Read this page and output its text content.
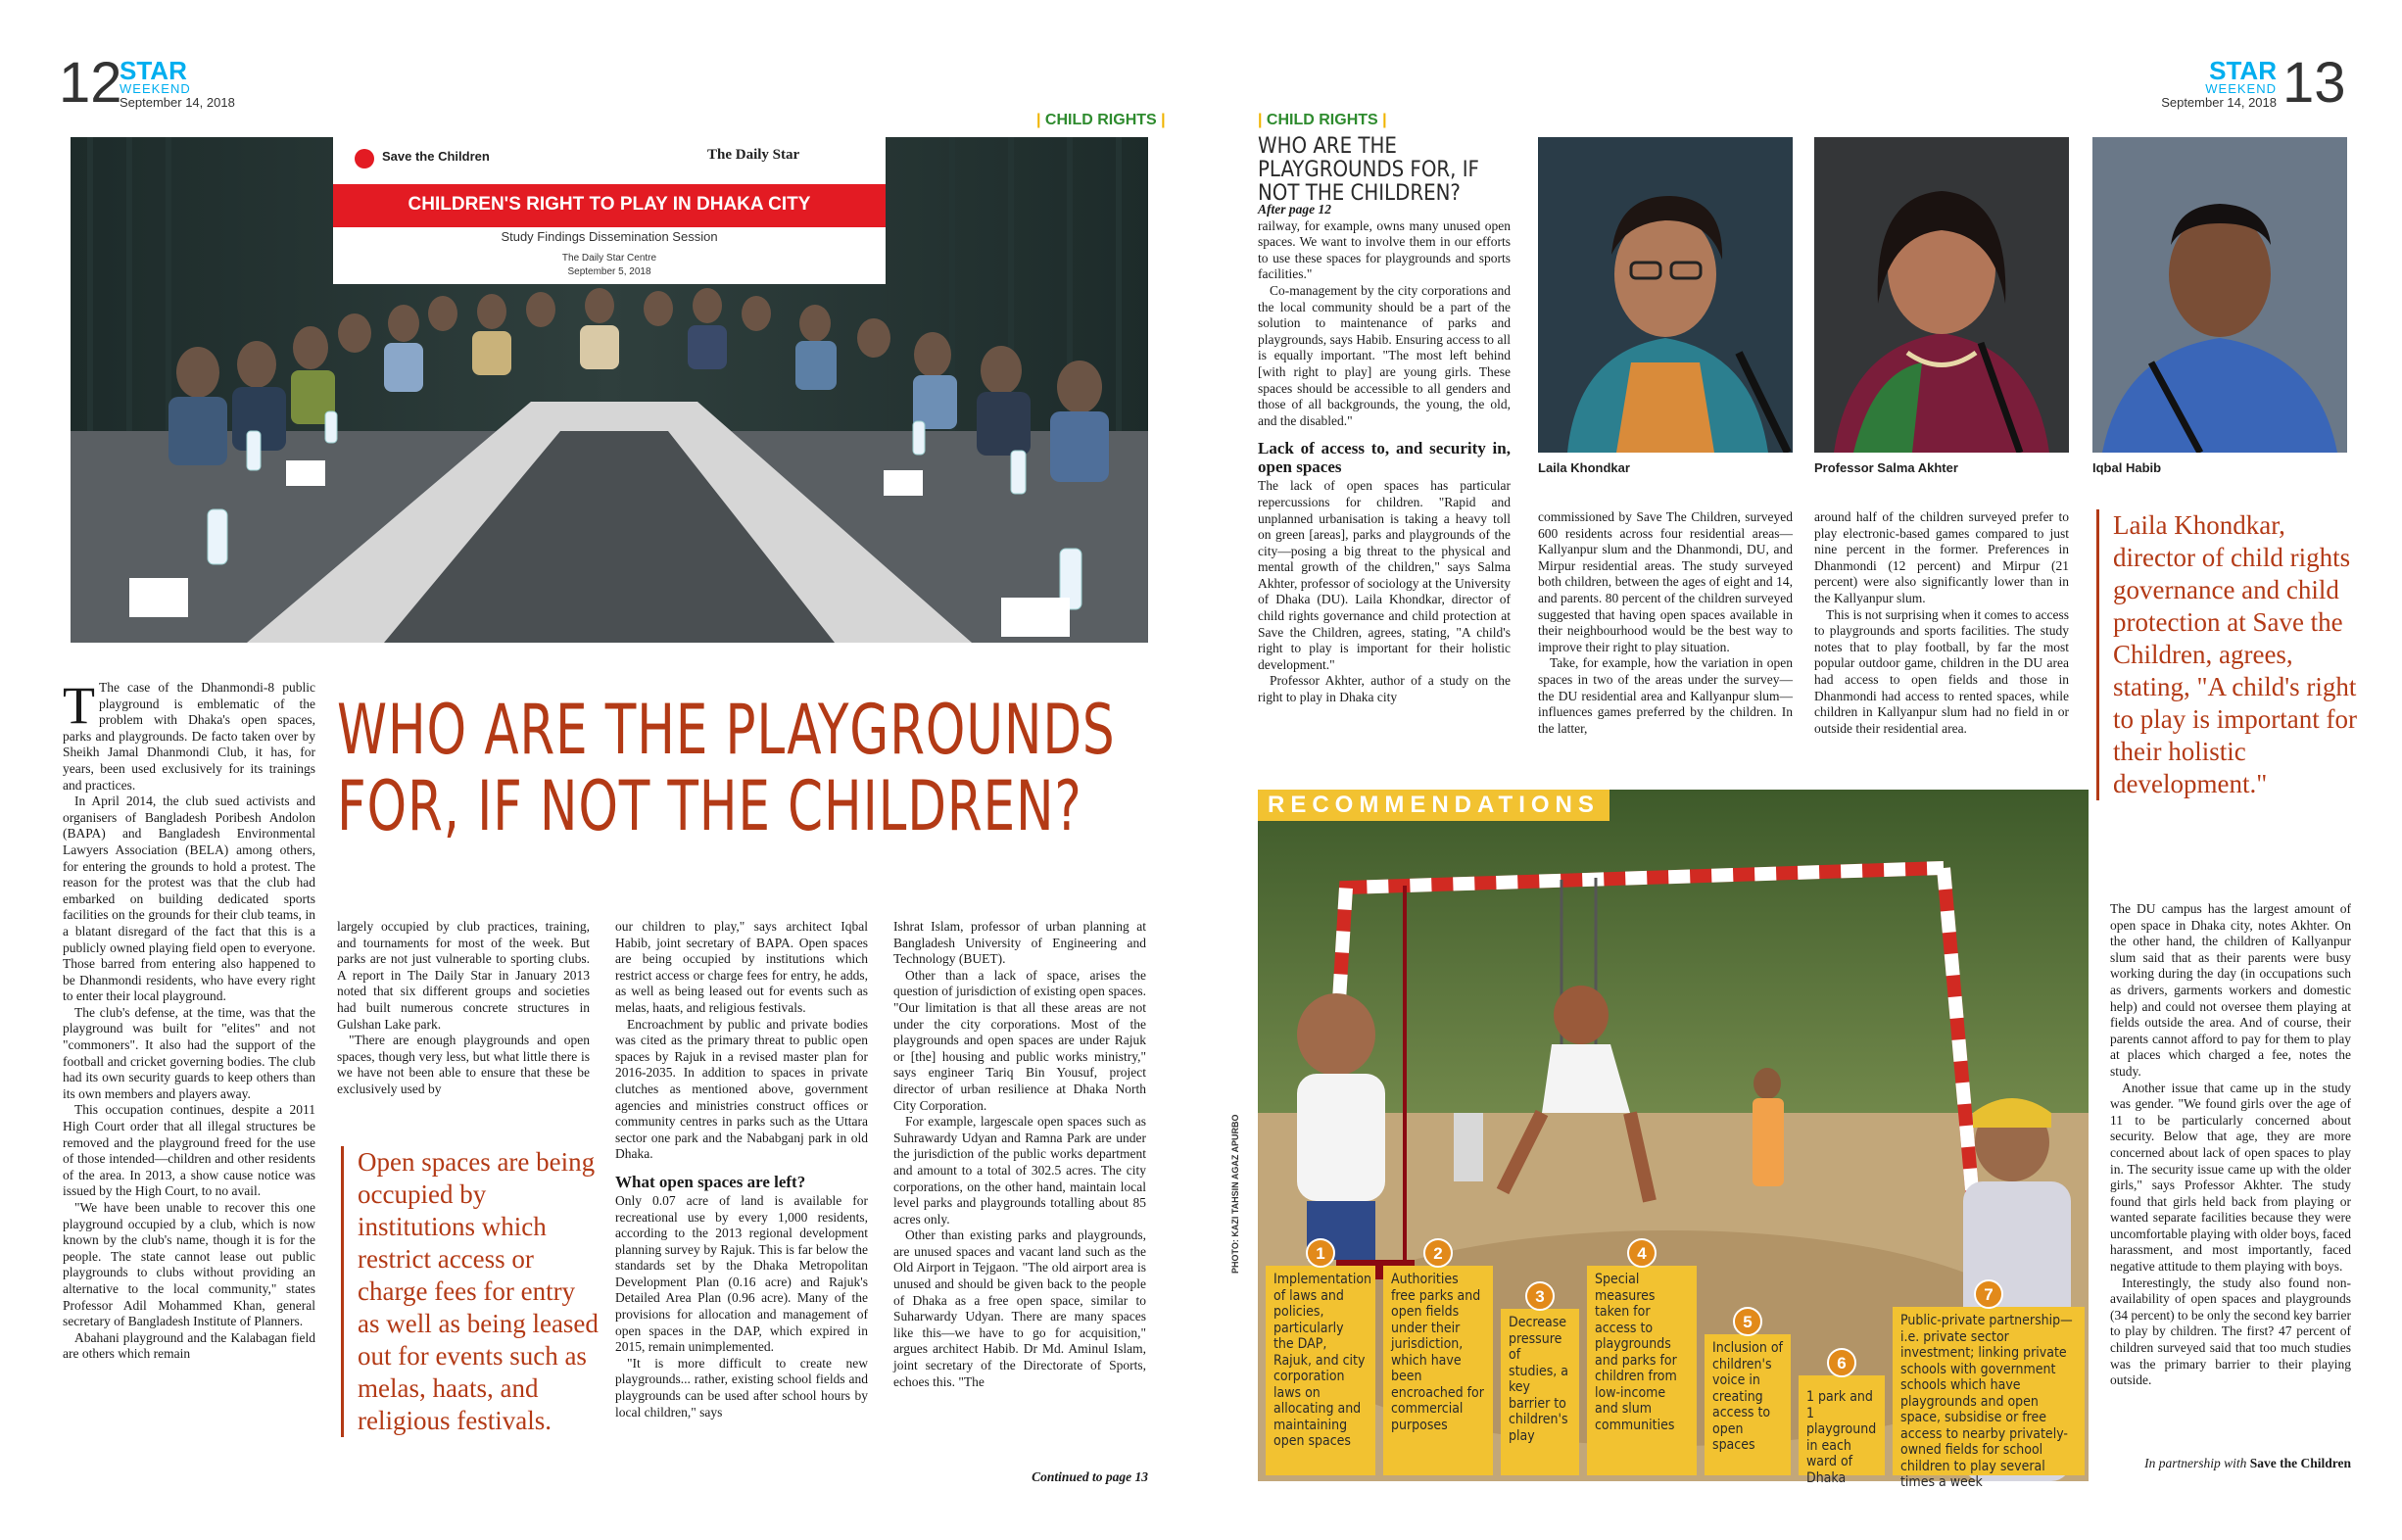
12
STAR
WEEKEND
September 14, 2018
| CHILD RIGHTS |
Save the Children	The Daily Star
CHILDREN'S RIGHT TO PLAY IN DHAKA CITY
Study Findings Dissemination Session
The Daily Star Centre
September 5, 2018

T The case of the Dhanmondi-8 public playground is emblematic of the problem with Dhaka's open spaces, parks and playgrounds. De facto taken over by Sheikh Jamal Dhanmondi Club, it has, for years, been used exclusively for its trainings and practices.

In April 2014, the club sued activists and organisers of Bangladesh Poribesh Andolon (BAPA) and Bangladesh Environmental Lawyers Association (BELA) among others, for entering the grounds to hold a protest. The reason for the protest was that the club had embarked on building dedicated sports facilities on the grounds for their club teams, in a blatant disregard of the fact that this is a publicly owned playing field open to everyone. Those barred from entering also happened to be Dhanmondi residents, who have every right to enter their local playground.

The club's defense, at the time, was that the playground was built for "elites" and not "commoners". It also had the support of the football and cricket governing bodies. The club had its own security guards to keep others than its own members and players away.

This occupation continues, despite a 2011 High Court order that all illegal structures be removed and the playground freed for the use of those intended—children and other residents of the area. In 2013, a show cause notice was issued by the High Court, to no avail.

"We have been unable to recover this one playground occupied by a club, which is now known by the club's name, though it is for the people. The state cannot lease out public playgrounds to clubs without providing an alternative to the local community," states Professor Adil Mohammed Khan, general secretary of Bangladesh Institute of Planners.

Abahani playground and the Kalabagan field are others which remain

WHO ARE THE PLAYGROUNDS FOR, IF NOT THE CHILDREN?

largely occupied by club practices, training, and tournaments for most of the week. But parks are not just vulnerable to sporting clubs. A report in The Daily Star in January 2013 noted that six different groups and societies had built numerous concrete structures in Gulshan Lake park.

"There are enough playgrounds and open spaces, though very less, but what little there is we have not been able to ensure that these be exclusively used by

Open spaces are being occupied by institutions which restrict access or charge fees for entry as well as being leased out for events such as melas, haats, and religious festivals.

our children to play," says architect Iqbal Habib, joint secretary of BAPA. Open spaces are being occupied by institutions which restrict access or charge fees for entry, he adds, as well as being leased out for events such as melas, haats, and religious festivals.

Encroachment by public and private bodies was cited as the primary threat to public open spaces by Rajuk in a revised master plan for 2016-2035. In addition to spaces in private clutches as mentioned above, government agencies and ministries construct offices or community centres in parks such as the Uttara sector one park and the Nababganj park in old Dhaka.

What open spaces are left?

Only 0.07 acre of land is available for recreational use by every 1,000 residents, according to the 2013 regional development planning survey by Rajuk. This is far below the standards set by the Dhaka Metropolitan Development Plan (0.16 acre) and Rajuk's Detailed Area Plan (0.96 acre). Many of the provisions for allocation and management of open spaces in the DAP, which expired in 2015, remain unimplemented.

"It is more difficult to create new playgrounds... rather, existing school fields and playgrounds can be used after school hours by local children," says

Ishrat Islam, professor of urban planning at Bangladesh University of Engineering and Technology (BUET).

Other than a lack of space, arises the question of jurisdiction of existing open spaces. "Our limitation is that all these areas are not under the city corporations. Most of the playgrounds and open spaces are under Rajuk or [the] housing and public works ministry," says engineer Tariq Bin Yousuf, project director of urban resilience at Dhaka North City Corporation.

For example, largescale open spaces such as Suhrawardy Udyan and Ramna Park are under the jurisdiction of the public works department and amount to a total of 302.5 acres. The city corporations, on the other hand, maintain local level parks and playgrounds totalling about 85 acres only.

Other than existing parks and playgrounds, are unused spaces and vacant land such as the Old Airport in Tejgaon. "The old airport area is unused and should be given back to the people of Dhaka as a free open space, similar to Suharwardy Udyan. There are many spaces like this—we have to go for acquisition," argues architect Habib. Dr Md. Aminul Islam, joint secretary of the Directorate of Sports, echoes this. "The

Continued to page 13
13
STAR
WEEKEND
September 14, 2018
| CHILD RIGHTS |
WHO ARE THE PLAYGROUNDS FOR, IF NOT THE CHILDREN?

After page 12

railway, for example, owns many unused open spaces. We want to involve them in our efforts to use these spaces for playgrounds and sports facilities."

Co-management by the city corporations and the local community should be a part of the solution to maintenance of parks and playgrounds, says Habib. Ensuring access to all is equally important. "The most left behind [with right to play] are young girls. These spaces should be accessible to all genders and those of all backgrounds, the young, the old, and the disabled."

Lack of access to, and security in, open spaces

The lack of open spaces has particular repercussions for children. "Rapid and unplanned urbanisation is taking a heavy toll on green [areas], parks and playgrounds of the city—posing a big threat to the physical and mental growth of the children," says Salma Akhter, professor of sociology at the University of Dhaka (DU). Laila Khondkar, director of child rights governance and child protection at Save the Children, agrees, stating, "A child's right to play is important for their holistic development."

Professor Akhter, author of a study on the right to play in Dhaka city

Laila Khondkar	Professor Salma Akhter	Iqbal Habib

commissioned by Save The Children, surveyed 600 residents across four residential areas—Kallyanpur slum and the Dhanmondi, DU, and Mirpur residential areas. The study surveyed both children, between the ages of eight and 14, and parents. 80 percent of the children surveyed suggested that having open spaces available in their neighbourhood would be the best way to improve their right to play situation.

Take, for example, how the variation in open spaces in two of the areas under the survey—the DU residential area and Kallyanpur slum—influences games preferred by the children. In the latter,

around half of the children surveyed prefer to play electronic-based games compared to just nine percent in the former. Preferences in Dhanmondi (12 percent) and Mirpur (21 percent) were also significantly lower than in the Kallyanpur slum.

This is not surprising when it comes to access to playgrounds and sports facilities. The study notes that to play football, by far the most popular outdoor game, children in the DU area had access to open fields and those in Dhanmondi had access to rented spaces, while children in Kallyanpur slum had no field in or outside their residential area.

Laila Khondkar, director of child rights governance and child protection at Save the Children, agrees, stating, "A child's right to play is important for their holistic development."

The DU campus has the largest amount of open space in Dhaka city, notes Akhter. On the other hand, the children of Kallyanpur slum said that as their parents were busy working during the day (in occupations such as drivers, garments workers and domestic help) and could not oversee them playing at fields outside the area. And of course, their parents cannot afford to pay for them to play at places which charged a fee, notes the study.

Another issue that came up in the study was gender. "We found girls over the age of 11 to be particularly concerned about security. Below that age, they are more concerned about lack of open spaces to play in. The security issue came up with the older girls," says Professor Akhter. The study found that girls held back from playing or wanted separate facilities because they were uncomfortable playing with older boys, faced harassment, and most importantly, faced negative attitude to them playing with boys.

Interestingly, the study also found non-availability of open spaces and playgrounds (34 percent) to be only the second key barrier to play by children. The first? 47 percent of children surveyed said that too much studies was the primary barrier to their playing outside.

In partnership with Save the Children
RECOMMENDATIONS
PHOTO: KAZI TAHSIN AGAZ APURBO
Implementation of laws and policies, particularly the DAP, Rajuk, and city corporation laws on allocating and maintaining open spaces
1
Authorities free parks and open fields under their jurisdiction, which have been encroached for commercial purposes
2
Decrease pressure of studies, a key barrier to children's play
3
Special measures taken for access to playgrounds and parks for children from low-income and slum communities
4
Inclusion of children's voice in creating access to open spaces
5
1 park and 1 playground in each ward of Dhaka
6
Public-private partnership—i.e. private sector investment; linking private schools with government schools which have playgrounds and open space, subsidise or free access to nearby privately-owned fields for school children to play several times a week
7
